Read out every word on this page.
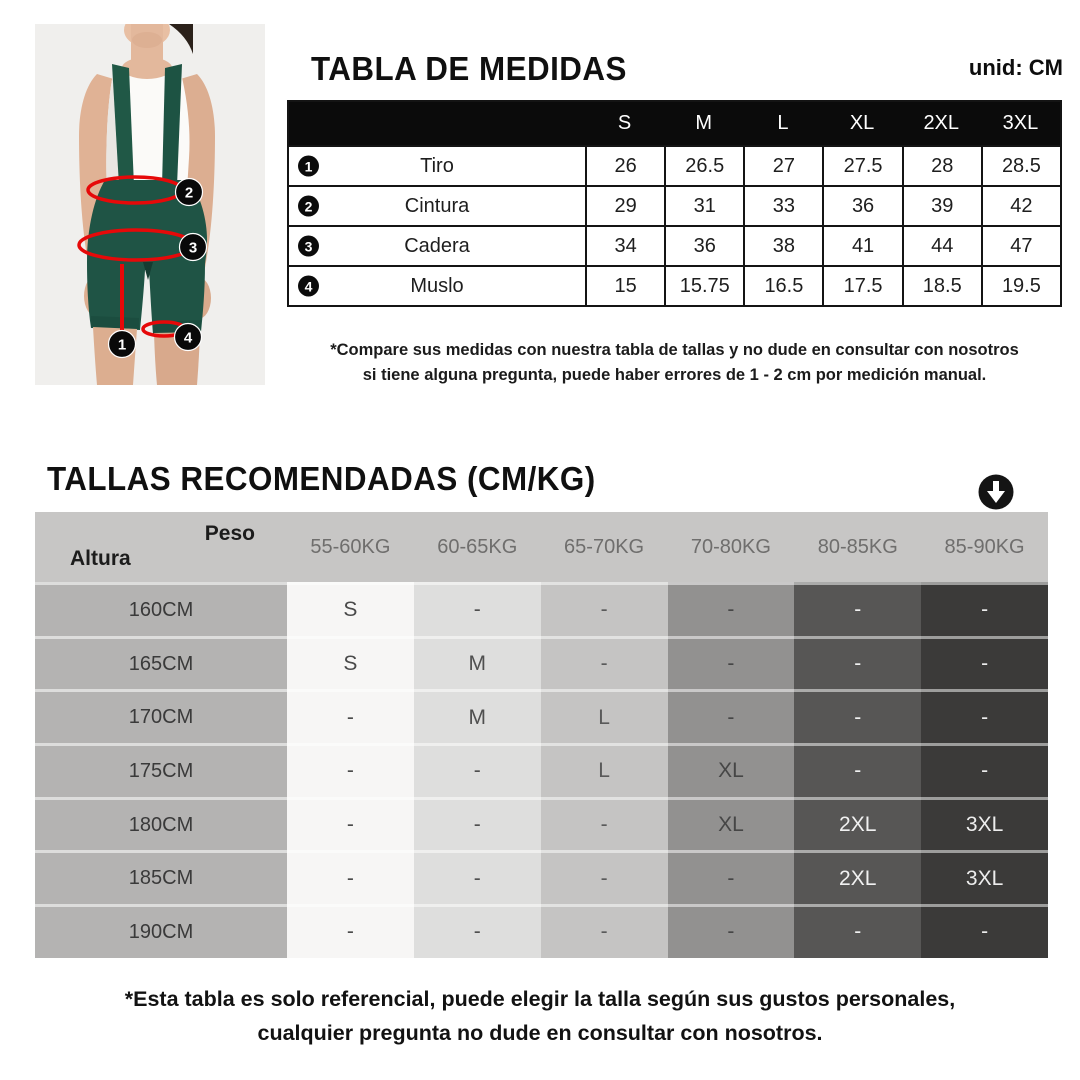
2
3
1	4
TABLA DE MEDIDAS	unid: CM
S	M	L	XL	2XL	3XL
1	Tiro	26	26.5	27	27.5	28	28.5
2	Cintura	29	31	33	36	39	42
3	Cadera	34	36	38	41	44	47
4	Muslo	15	15.75	16.5	17.5	18.5	19.5
*Compare sus medidas con nuestra tabla de tallas y no dude en consultar con nosotros
si tiene alguna pregunta, puede haber errores de 1 - 2 cm por medición manual.
TALLAS RECOMENDADAS (CM/KG)
Peso
Altura
55-60KG	60-65KG	65-70KG	70-80KG	80-85KG	85-90KG
160CM	S	-	-	-	-	-
165CM	S	M	-	-	-	-
170CM	-	M	L	-	-	-
175CM	-	-	L	XL	-	-
180CM	-	-	-	XL	2XL	3XL
185CM	-	-	-	-	2XL	3XL
190CM	-	-	-	-	-	-
*Esta tabla es solo referencial, puede elegir la talla según sus gustos personales,
cualquier pregunta no dude en consultar con nosotros.
